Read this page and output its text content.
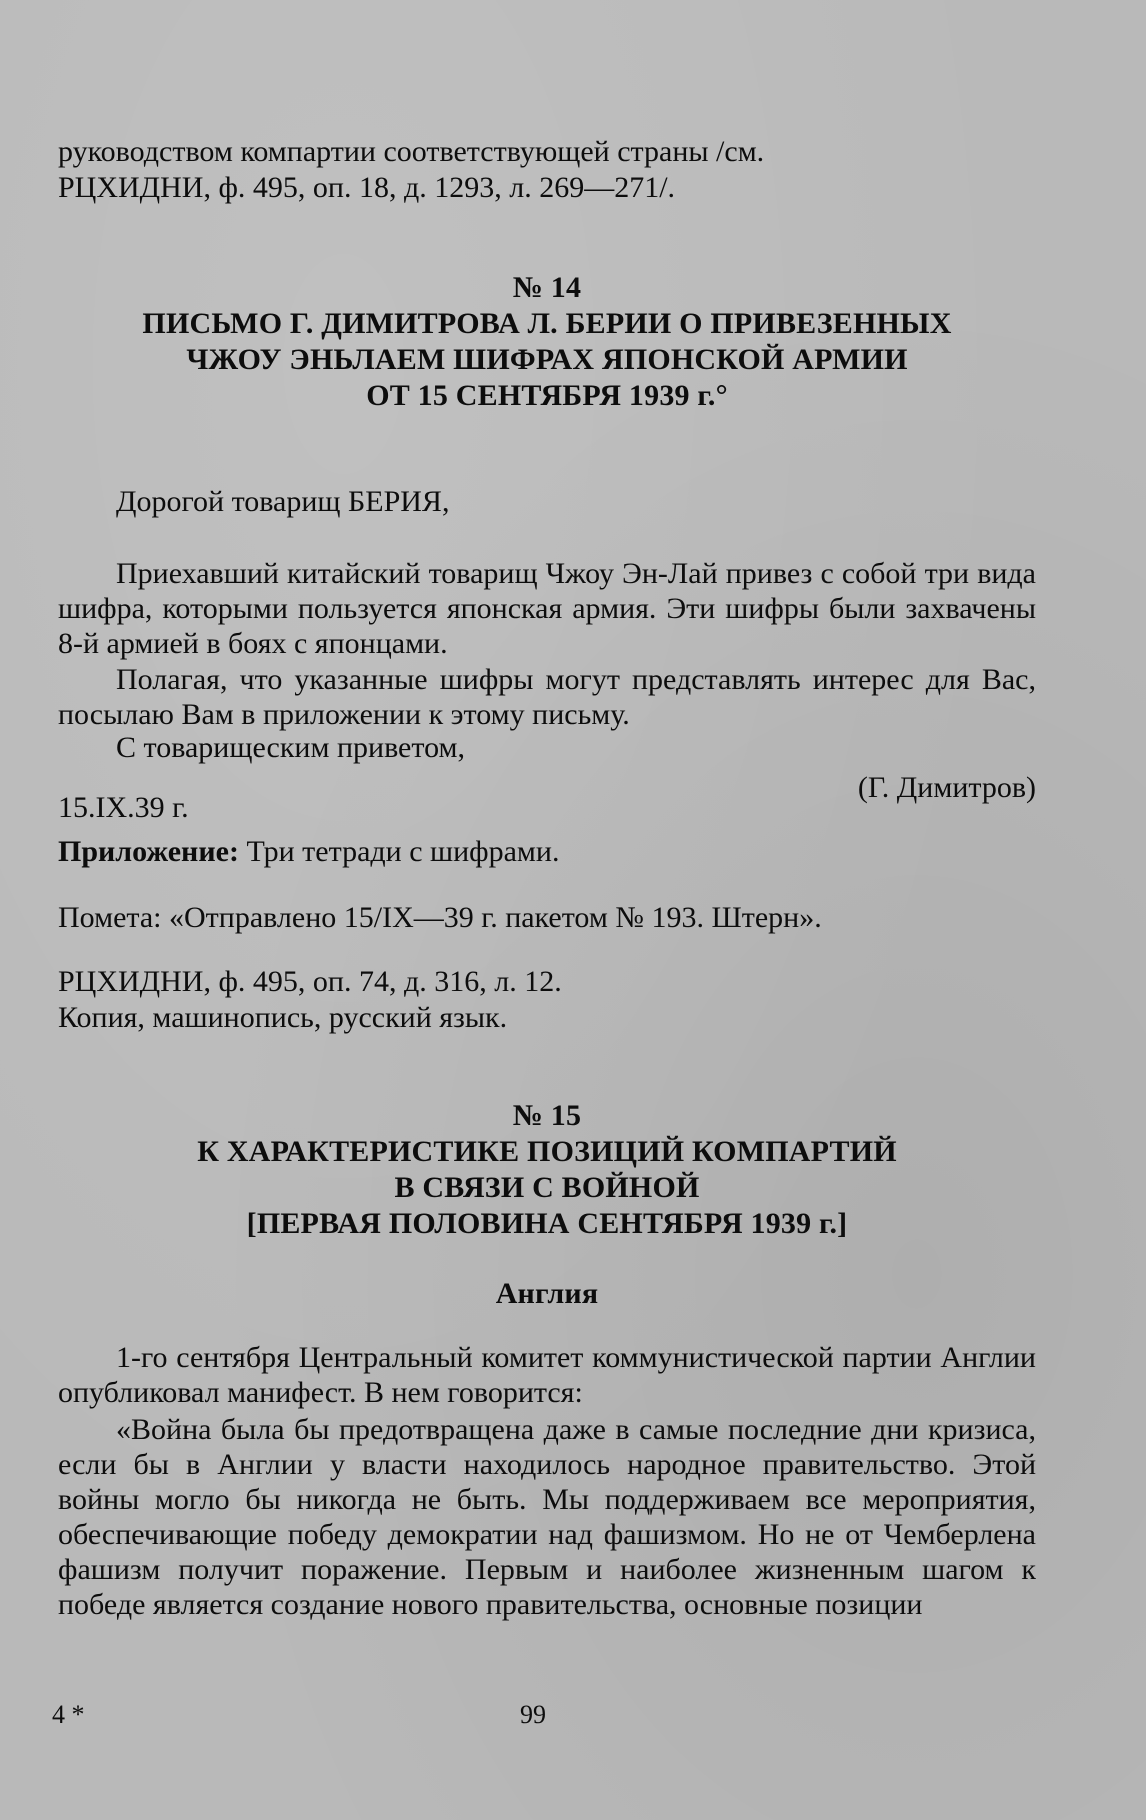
руководством компартии соответствующей страны /см.

РЦХИДНИ, ф. 495, оп. 18, д. 1293, л. 269—271/.

№ 14
ПИСЬМО Г. ДИМИТРОВА Л. БЕРИИ О ПРИВЕЗЕННЫХ
ЧЖОУ ЭНЬЛАЕМ ШИФРАХ ЯПОНСКОЙ АРМИИ
ОТ 15 СЕНТЯБРЯ 1939 г.°

Дорогой товарищ БЕРИЯ,

Приехавший китайский товарищ Чжоу Эн-Лай привез с собой три вида шифра, которыми пользуется японская армия. Эти шифры были захвачены 8-й армией в боях с японцами.

Полагая, что указанные шифры могут представлять интерес для Вас, посылаю Вам в приложении к этому письму.

С товарищеским приветом,

(Г. Димитров)

15.IX.39 г.

Приложение: Три тетради с шифрами.

Помета: «Отправлено 15/IX—39 г. пакетом № 193. Штерн».

РЦХИДНИ, ф. 495, оп. 74, д. 316, л. 12.

Копия, машинопись, русский язык.

№ 15
К ХАРАКТЕРИСТИКЕ ПОЗИЦИЙ КОМПАРТИЙ
В СВЯЗИ С ВОЙНОЙ
[ПЕРВАЯ ПОЛОВИНА СЕНТЯБРЯ 1939 г.]

Англия

1-го сентября Центральный комитет коммунистической партии Англии опубликовал манифест. В нем говорится:

«Война была бы предотвращена даже в самые последние дни кризиса, если бы в Англии у власти находилось народное правительство. Этой войны могло бы никогда не быть. Мы поддерживаем все мероприятия, обеспечивающие победу демократии над фашизмом. Но не от Чемберлена фашизм получит поражение. Первым и наиболее жизненным шагом к победе является создание нового правительства, основные позиции

4 *	99
